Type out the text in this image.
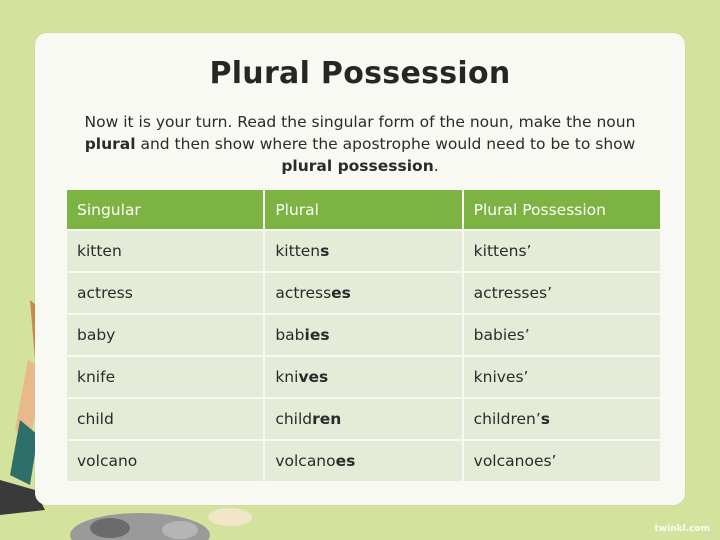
Plural Possession
Now it is your turn. Read the singular form of the noun, make the noun
plural and then show where the apostrophe would need to be to show
plural possession.
Singular	Plural	Plural Possession
kitten	kittens	kittens’
actress	actresses	actresses’
baby	babies	babies’
knife	knives	knives’
child	children	children’s
volcano	volcanoes	volcanoes’
twinkl.com
